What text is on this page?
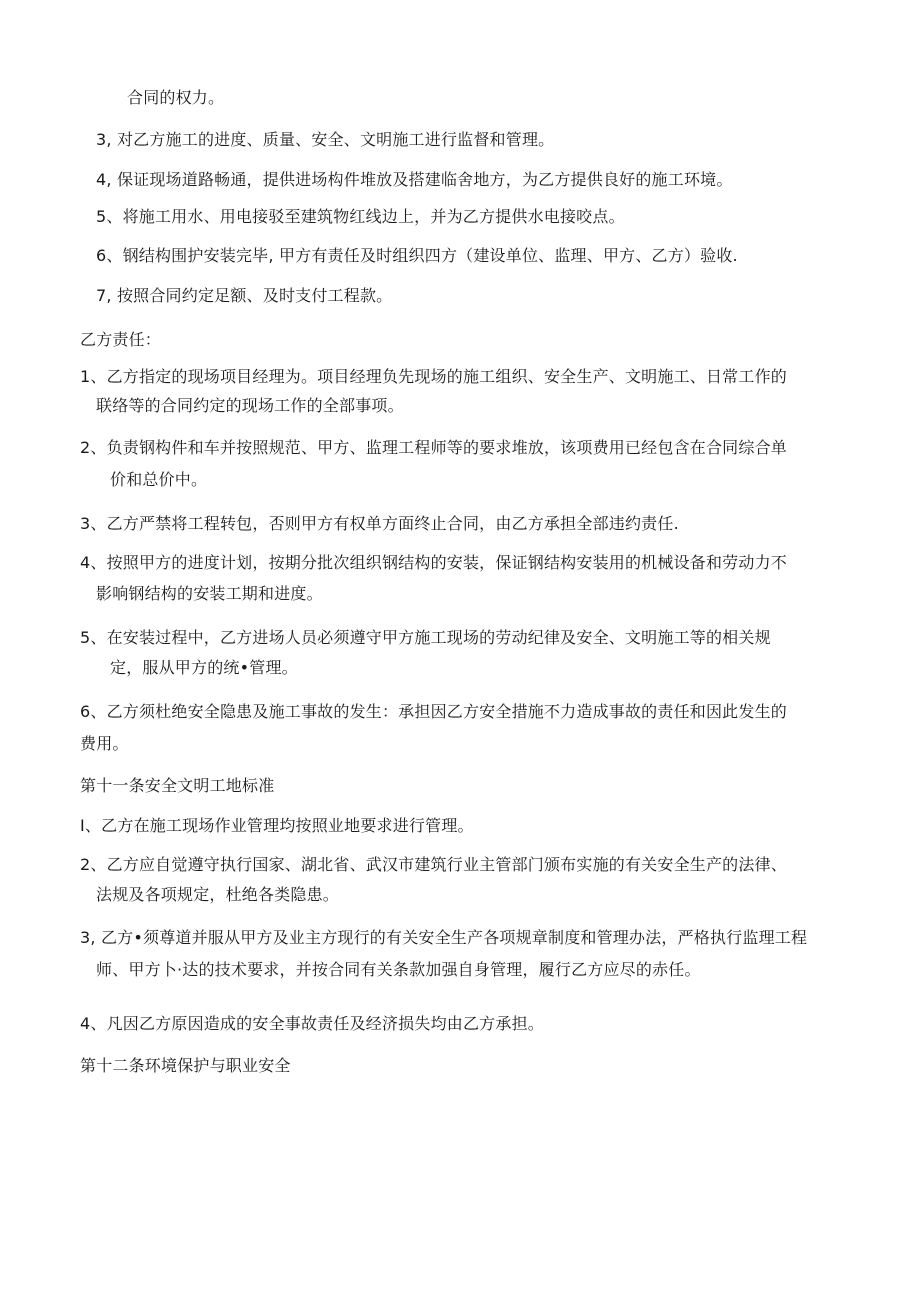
合同的权力。
3, 对乙方施工的进度、质量、安全、文明施工进行监督和管理。
4, 保证现场道路畅通，提供进场构件堆放及搭建临舍地方，为乙方提供良好的施工环境。
5、将施工用水、用电接驳至建筑物红线边上，并为乙方提供水电接咬点。
6、钢结构围护安装完毕, 甲方有责任及时组织四方（建设单位、监理、甲方、乙方）验收.
7, 按照合同约定足额、及时支付工程款。
乙方责任：
1、乙方指定的现场项目经理为。项目经理负先现场的施工组织、安全生产、文明施工、日常工作的
联络等的合同约定的现场工作的全部事项。
2、负责钢构件和车并按照规范、甲方、监理工程师等的要求堆放，该项费用已经包含在合同综合单
价和总价中。
3、乙方严禁将工程转包，否则甲方有权单方面终止合同，由乙方承担全部违约责任.
4、按照甲方的进度计划，按期分批次组织钢结构的安装，保证钢结构安装用的机械设备和劳动力不
影响钢结构的安装工期和进度。
5、在安装过程中，乙方进场人员必须遵守甲方施工现场的劳动纪律及安全、文明施工等的相关规
定，服从甲方的统•管理。
6、乙方须杜绝安全隐患及施工事故的发生：承担因乙方安全措施不力造成事故的责任和因此发生的
费用。
第十一条安全文明工地标准
I、乙方在施工现场作业管理均按照业地要求进行管理。
2、乙方应自觉遵守执行国家、湖北省、武汉市建筑行业主管部门颁布实施的有关安全生产的法律、
法规及各项规定，杜绝各类隐患。
3, 乙方•须尊道并服从甲方及业主方现行的有关安全生产各项规章制度和管理办法，严格执行监理工程
师、甲方卜·达的技术要求，并按合同有关条款加强自身管理，履行乙方应尽的赤任。
4、凡因乙方原因造成的安全事故责任及经济损失均由乙方承担。
第十二条环境保护与职业安全
